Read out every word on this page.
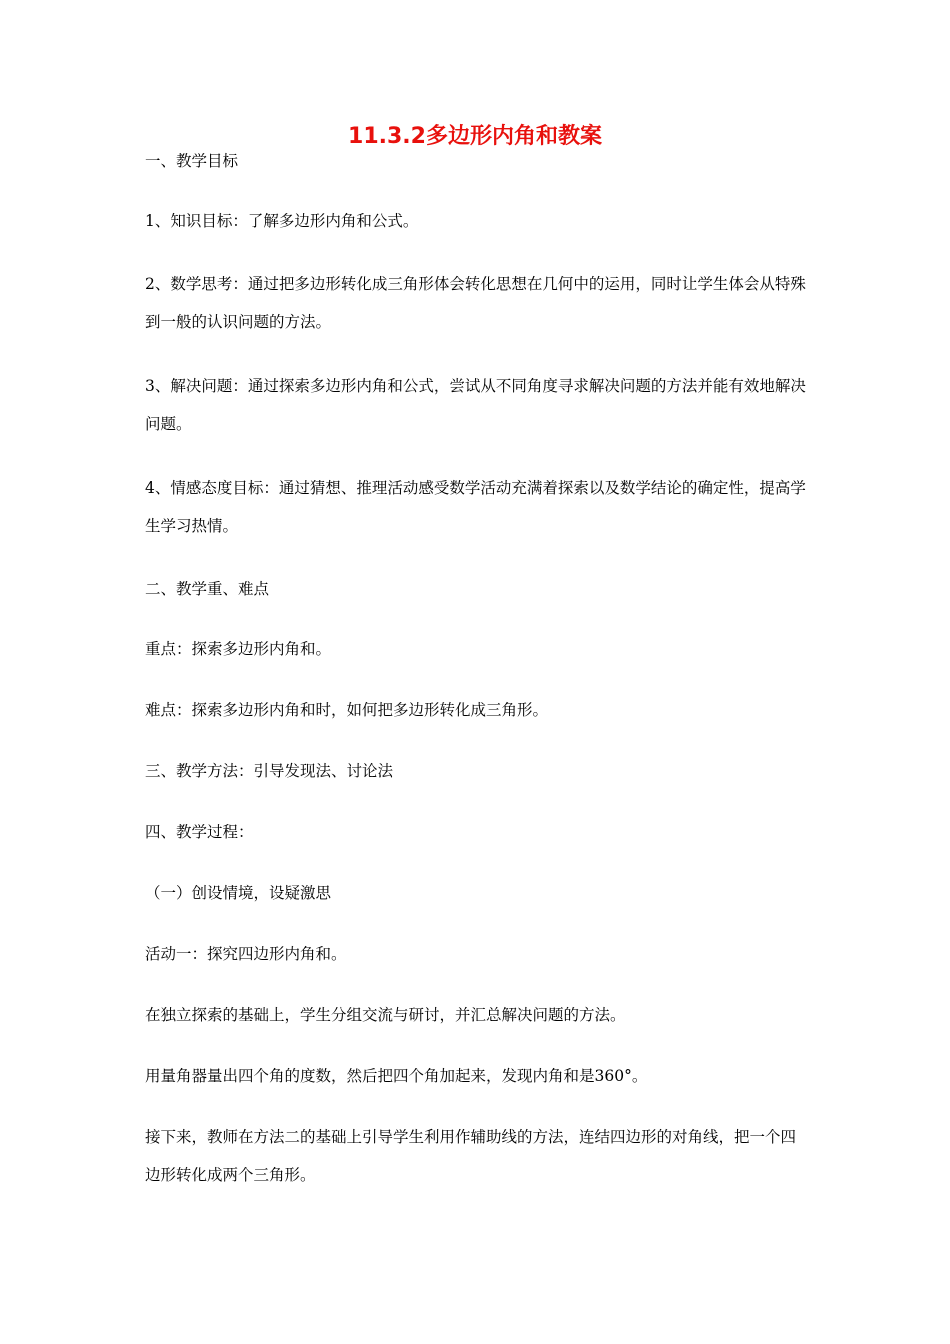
11.3.2多边形内角和教案
一、教学目标
1、知识目标：了解多边形内角和公式。
2、数学思考：通过把多边形转化成三角形体会转化思想在几何中的运用，同时让学生体会从特殊到一般的认识问题的方法。
3、解决问题：通过探索多边形内角和公式，尝试从不同角度寻求解决问题的方法并能有效地解决问题。
4、情感态度目标：通过猜想、推理活动感受数学活动充满着探索以及数学结论的确定性，提高学生学习热情。
二、教学重、难点
重点：探索多边形内角和。
难点：探索多边形内角和时，如何把多边形转化成三角形。
三、教学方法：引导发现法、讨论法
四、教学过程：
（一）创设情境，设疑激思
活动一：探究四边形内角和。
在独立探索的基础上，学生分组交流与研讨，并汇总解决问题的方法。
用量角器量出四个角的度数，然后把四个角加起来，发现内角和是360°。
接下来，教师在方法二的基础上引导学生利用作辅助线的方法，连结四边形的对角线，把一个四边形转化成两个三角形。
